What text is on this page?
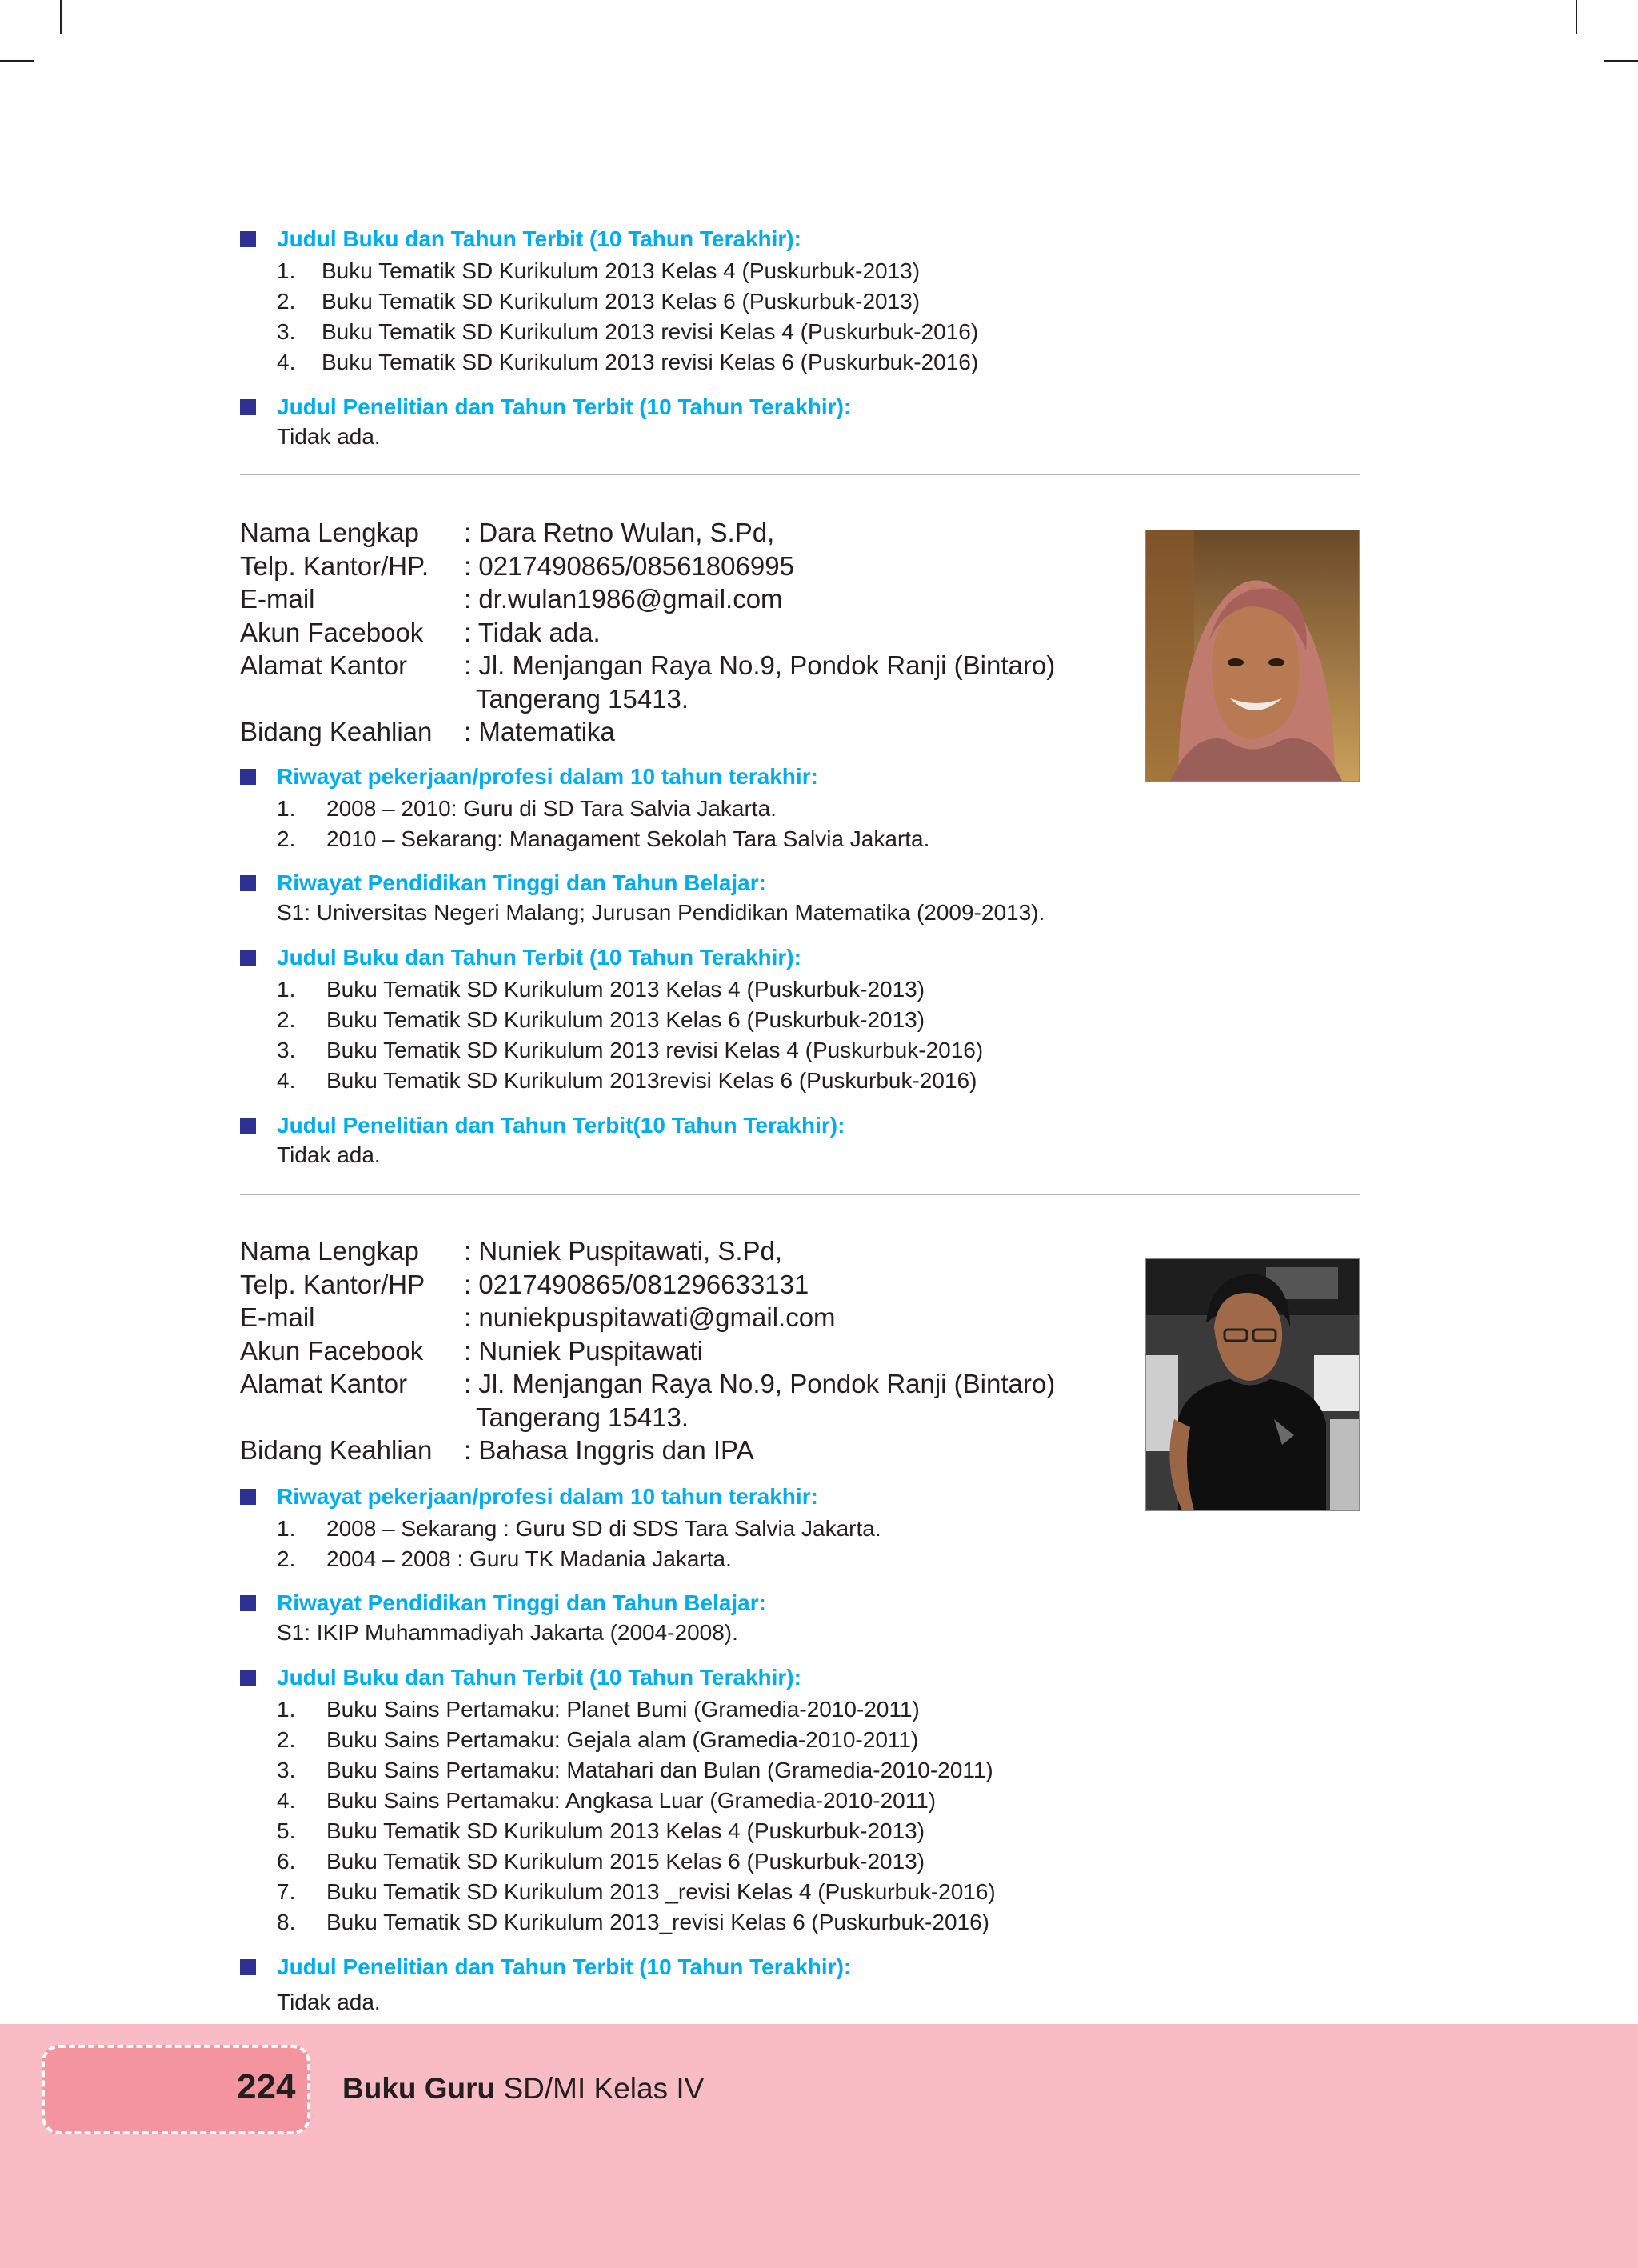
Judul Buku dan Tahun Terbit (10 Tahun Terakhir):
1.	Buku Tematik SD Kurikulum 2013 Kelas 4 (Puskurbuk-2013)
2.	Buku Tematik SD Kurikulum 2013 Kelas 6 (Puskurbuk-2013)
3.	Buku Tematik SD Kurikulum 2013 revisi Kelas 4 (Puskurbuk-2016)
4.	Buku Tematik SD Kurikulum 2013 revisi Kelas 6 (Puskurbuk-2016)
Judul Penelitian dan Tahun Terbit (10 Tahun Terakhir):
Tidak ada.
Nama Lengkap	: Dara Retno Wulan, S.Pd,
Telp. Kantor/HP.	: 0217490865/08561806995
E-mail	: dr.wulan1986@gmail.com
Akun Facebook	: Tidak ada.
Alamat Kantor	: Jl. Menjangan Raya No.9, Pondok Ranji (Bintaro)
Tangerang 15413.
Bidang Keahlian	: Matematika
Riwayat pekerjaan/profesi dalam 10 tahun terakhir:
1.	2008 – 2010: Guru di SD Tara Salvia Jakarta.
2.	2010 – Sekarang: Managament Sekolah Tara Salvia Jakarta.
Riwayat Pendidikan Tinggi dan Tahun Belajar:
S1: Universitas Negeri Malang; Jurusan Pendidikan Matematika (2009-2013).
Judul Buku dan Tahun Terbit (10 Tahun Terakhir):
1.	Buku Tematik SD Kurikulum 2013 Kelas 4 (Puskurbuk-2013)
2.	Buku Tematik SD Kurikulum 2013 Kelas 6 (Puskurbuk-2013)
3.	Buku Tematik SD Kurikulum 2013 revisi Kelas 4 (Puskurbuk-2016)
4.	Buku Tematik SD Kurikulum 2013revisi Kelas 6 (Puskurbuk-2016)
Judul Penelitian dan Tahun Terbit(10 Tahun Terakhir):
Tidak ada.
Nama Lengkap	: Nuniek Puspitawati, S.Pd,
Telp. Kantor/HP	: 0217490865/081296633131
E-mail	: nuniekpuspitawati@gmail.com
Akun Facebook	: Nuniek Puspitawati
Alamat Kantor	: Jl. Menjangan Raya No.9, Pondok Ranji (Bintaro)
Tangerang 15413.
Bidang Keahlian	: Bahasa Inggris dan IPA
Riwayat pekerjaan/profesi dalam 10 tahun terakhir:
1.	2008 – Sekarang : Guru SD di SDS Tara Salvia Jakarta.
2.	2004 – 2008 : Guru TK Madania Jakarta.
Riwayat Pendidikan Tinggi dan Tahun Belajar:
S1: IKIP Muhammadiyah Jakarta (2004-2008).
Judul Buku dan Tahun Terbit (10 Tahun Terakhir):
1.	Buku Sains Pertamaku: Planet Bumi (Gramedia-2010-2011)
2.	Buku Sains Pertamaku: Gejala alam (Gramedia-2010-2011)
3.	Buku Sains Pertamaku: Matahari dan Bulan (Gramedia-2010-2011)
4.	Buku Sains Pertamaku: Angkasa Luar (Gramedia-2010-2011)
5.	Buku Tematik SD Kurikulum 2013 Kelas 4 (Puskurbuk-2013)
6.	Buku Tematik SD Kurikulum 2015 Kelas 6 (Puskurbuk-2013)
7.	Buku Tematik SD Kurikulum 2013 _revisi Kelas 4 (Puskurbuk-2016)
8.	Buku Tematik SD Kurikulum 2013_revisi Kelas 6 (Puskurbuk-2016)
Judul Penelitian dan Tahun Terbit (10 Tahun Terakhir):
Tidak ada.
224 Buku Guru SD/MI Kelas IV
